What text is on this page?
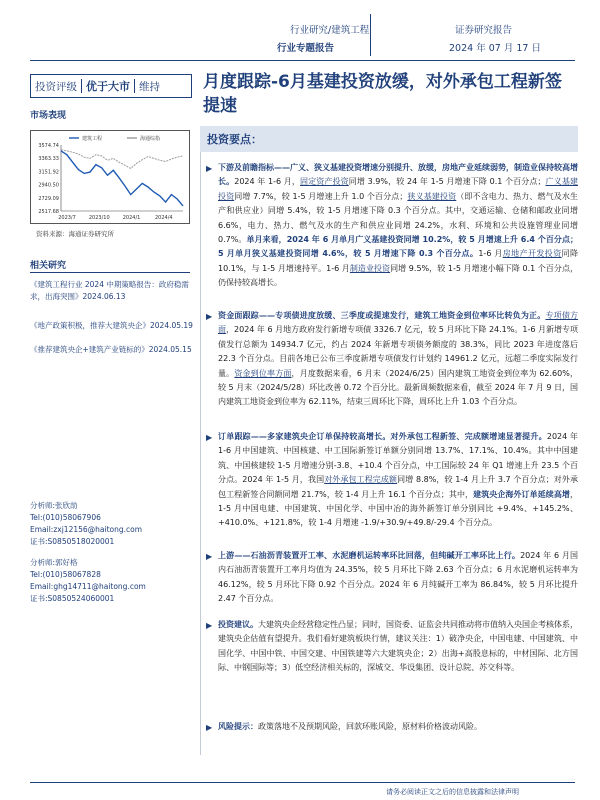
行业研究/建筑工程
行业专题报告
证券研究报告
2024 年 07 月 17 日
投资评级 优于大市 维持	月度跟踪-6月基建投资放缓，对外承包工程新签提速
市场表现
3574.74
3363.33
3151.92
2940.50
2729.09
2517.68
2023/7	2023/10	2024/1	2024/4
建筑工程	海通综指
资料来源：海通证券研究所
相关研究
《建筑工程行业 2024 中期策略报告：政府稳需求，出海突围》2024.06.13
《地产政策积极，推荐大建筑央企》2024.05.19
《推荐建筑央企+建筑产业链标的》2024.05.15
分析师:张欣劼
Tel:(010)58067906
Email:zxj12156@haitong.com
证书:S0850518020001
分析师:郭好格
Tel:(010)58067828
Email:ghg14711@haitong.com
证书:S0850524060001
投资要点：
▶ 下游及前瞻指标——广义、狭义基建投资增速分别提升、放缓，房地产业延续弱势，制造业保持较高增长。2024 年 1-6 月，固定资产投资同增 3.9%，较 24 年 1-5 月增速下降 0.1 个百分点；广义基建投资同增 7.7%，较 1-5 月增速上升 1.0 个百分点；狭义基建投资（即不含电力、热力、燃气及水生产和供应业）同增 5.4%，较 1-5 月增速下降 0.3 个百分点。其中，交通运输、仓储和邮政业同增 6.6%，电力、热力、燃气及水的生产和供应业同增 24.2%，水利、环境和公共设施管理业同增 0.7%。单月来看，2024 年 6 月单月广义基建投资同增 10.2%，较 5 月增速上升 6.4 个百分点；5 月单月狭义基建投资同增 4.6%，较 5 月增速下降 0.3 个百分点。1-6 月房地产开发投资同降 10.1%，与 1-5 月增速持平。1-6 月制造业投资同增 9.5%，较 1-5 月增速小幅下降 0.1 个百分点，仍保持较高增长。
▶ 资金面跟踪——专项债进度放缓、三季度或提速发行，建筑工地资金到位率环比转负为正。专项债方面，2024 年 6 月地方政府发行新增专项债 3326.7 亿元，较 5 月环比下降 24.1%。1-6 月新增专项债发行总额为 14934.7 亿元，约占 2024 年新增专项债务额度的 38.3%，同比 2023 年进度落后 22.3 个百分点。目前各地已公布三季度新增专项债发行计划约 14961.2 亿元，远超二季度实际发行量。资金到位率方面，月度数据来看，6 月末（2024/6/25）国内建筑工地资金到位率为 62.60%，较 5 月末（2024/5/28）环比改善 0.72 个百分比。最新周频数据来看，截至 2024 年 7 月 9 日，国内建筑工地资金到位率为 62.11%，结束三周环比下降，周环比上升 1.03 个百分点。
▶ 订单跟踪——多家建筑央企订单保持较高增长。对外承包工程新签、完成额增速显著提升。2024 年 1-6 月中国建筑、中国核建、中工国际新签订单额分别同增 13.7%、17.1%、10.4%。其中中国建筑、中国核建较 1-5 月增速分别-3.8、+10.4 个百分点，中工国际较 24 年 Q1 增速上升 23.5 个百分点。2024 年 1-5 月，我国对外承包工程完成额同增 8.8%，较 1-4 月上升 3.7 个百分点；对外承包工程新签合同额同增 21.7%，较 1-4 月上升 16.1 个百分点；其中，建筑央企海外订单延续高增，1-5 月中国电建、中国建筑、中国化学、中国中冶的海外新签订单分别同比 +9.4%、+145.2%、+410.0%、+121.8%，较 1-4 月增速 -1.9/+30.9/+49.8/-29.4 个百分点。
▶ 上游——石油沥青装置开工率、水泥磨机运转率环比回落，但纯碱开工率环比上行。2024 年 6 月国内石油沥青装置开工率月均值为 24.35%，较 5 月环比下降 2.63 个百分点；6 月水泥磨机运转率为 46.12%，较 5 月环比下降 0.92 个百分点。2024 年 6 月纯碱开工率为 86.84%，较 5 月环比提升 2.47 个百分点。
▶ 投资建议。大建筑央企经营稳定性凸显；同时，国资委、证监会共同推动将市值纳入央国企考核体系，建筑央企估值有望提升。我们看好建筑板块行情，建议关注：1）破净央企，中国电建、中国建筑、中国化学、中国中铁、中国交建、中国铁建等六大建筑央企；2）出海+高股息标的，中材国际、北方国际、中钢国际等；3）低空经济相关标的，深城交、华设集团、设计总院、苏交科等。
▶ 风险提示：政策落地不及预期风险，回款环账风险，原材料价格波动风险。
请务必阅读正文之后的信息披露和法律声明
